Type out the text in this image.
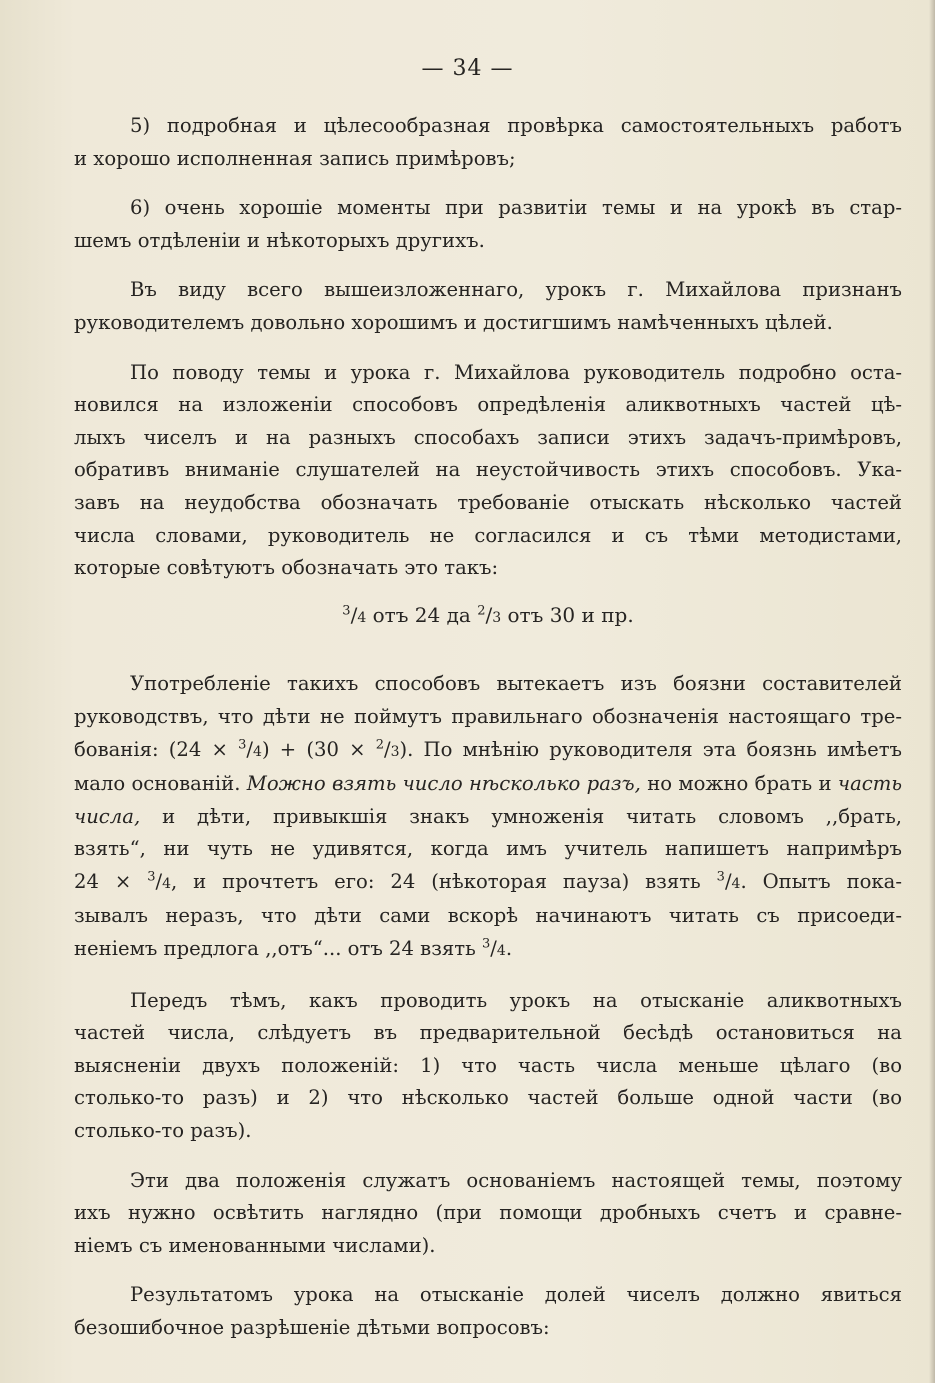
— 34 —

5) подробная и цѣлесообразная провѣрка самостоятельныхъ работъ
и хорошо исполненная запись примѣровъ;

6) очень хорошіе моменты при развитіи темы и на урокѣ въ стар-
шемъ отдѣленіи и нѣкоторыхъ другихъ.

Въ виду всего вышеизложеннаго, урокъ г. Михайлова признанъ
руководителемъ довольно хорошимъ и достигшимъ намѣченныхъ цѣлей.

По поводу темы и урока г. Михайлова руководитель подробно оста-
новился на изложеніи способовъ опредѣленія аликвотныхъ частей цѣ-
лыхъ чиселъ и на разныхъ способахъ записи этихъ задачъ-примѣровъ,
обративъ вниманіе слушателей на неустойчивость этихъ способовъ. Ука-
завъ на неудобства обозначать требованіе отыскать нѣсколько частей
числа словами, руководитель не согласился и съ тѣми методистами,
которые совѣтуютъ обозначать это такъ:

$^3$/4 отъ 24 да $^2$/3 отъ 30 и пр.

Употребленіе такихъ способовъ вытекаетъ изъ боязни составителей
руководствъ, что дѣти не поймутъ правильнаго обозначенія настоящаго тре-
бованія: (24 × $^3$/4) + (30 × $^2$/3). По мнѣнію руководителя эта боязнь имѣетъ
мало основаній. Можно взять число нѣсколько разъ, но можно брать и часть
числа, и дѣти, привыкшія знакъ умноженія читать словомъ ,,брать,
взять“, ни чуть не удивятся, когда имъ учитель напишетъ напримѣръ
24 × $^3$/4, и прочтетъ его: 24 (нѣкоторая пауза) взять $^3$/4. Опытъ пока-
зывалъ неразъ, что дѣти сами вскорѣ начинаютъ читать съ присоеди-
неніемъ предлога ,,отъ“... отъ 24 взять $^3$/4.

Передъ тѣмъ, какъ проводить урокъ на отысканіе аликвотныхъ
частей числа, слѣдуетъ въ предварительной бесѣдѣ остановиться на
выясненіи двухъ положеній: 1) что часть числа меньше цѣлаго (во
столько-то разъ) и 2) что нѣсколько частей больше одной части (во
столько-то разъ).

Эти два положенія служатъ основаніемъ настоящей темы, поэтому
ихъ нужно освѣтить наглядно (при помощи дробныхъ счетъ и сравне-
ніемъ съ именованными числами).

Результатомъ урока на отысканіе долей чиселъ должно явиться
безошибочное разрѣшеніе дѣтьми вопросовъ:
